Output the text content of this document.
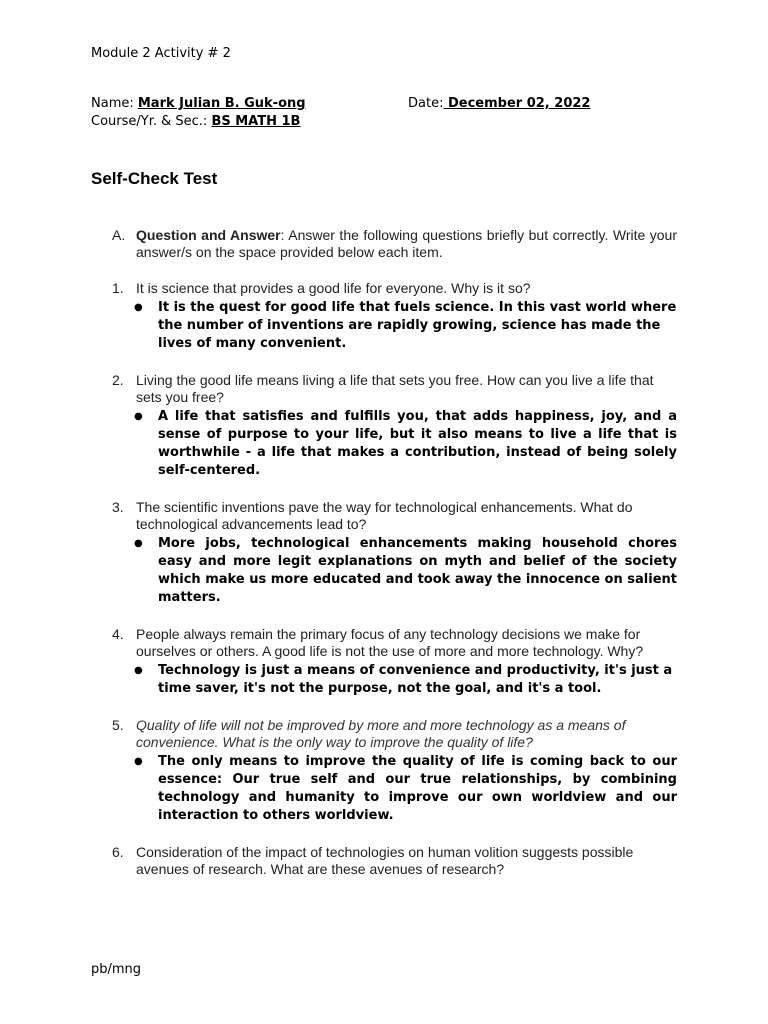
Module 2 Activity # 2
Name: Mark Julian B. Guk-ong	Date: December 02, 2022
Course/Yr. & Sec.: BS MATH 1B
Self-Check Test
A. Question and Answer: Answer the following questions briefly but correctly. Write your answer/s on the space provided below each item.
1. It is science that provides a good life for everyone. Why is it so?
●	It is the quest for good life that fuels science. In this vast world where the number of inventions are rapidly growing, science has made the lives of many convenient.
2. Living the good life means living a life that sets you free. How can you live a life that sets you free?
●	A life that satisfies and fulfills you, that adds happiness, joy, and a sense of purpose to your life, but it also means to live a life that is worthwhile - a life that makes a contribution, instead of being solely self-centered.
3. The scientific inventions pave the way for technological enhancements. What do technological advancements lead to?
●	More jobs, technological enhancements making household chores easy and more legit explanations on myth and belief of the society which make us more educated and took away the innocence on salient matters.
4. People always remain the primary focus of any technology decisions we make for ourselves or others. A good life is not the use of more and more technology. Why?
●	Technology is just a means of convenience and productivity, it's just a time saver, it's not the purpose, not the goal, and it's a tool.
5. Quality of life will not be improved by more and more technology as a means of convenience. What is the only way to improve the quality of life?
●	The only means to improve the quality of life is coming back to our essence: Our true self and our true relationships, by combining technology and humanity to improve our own worldview and our interaction to others worldview.
6. Consideration of the impact of technologies on human volition suggests possible avenues of research. What are these avenues of research?
pb/mng
